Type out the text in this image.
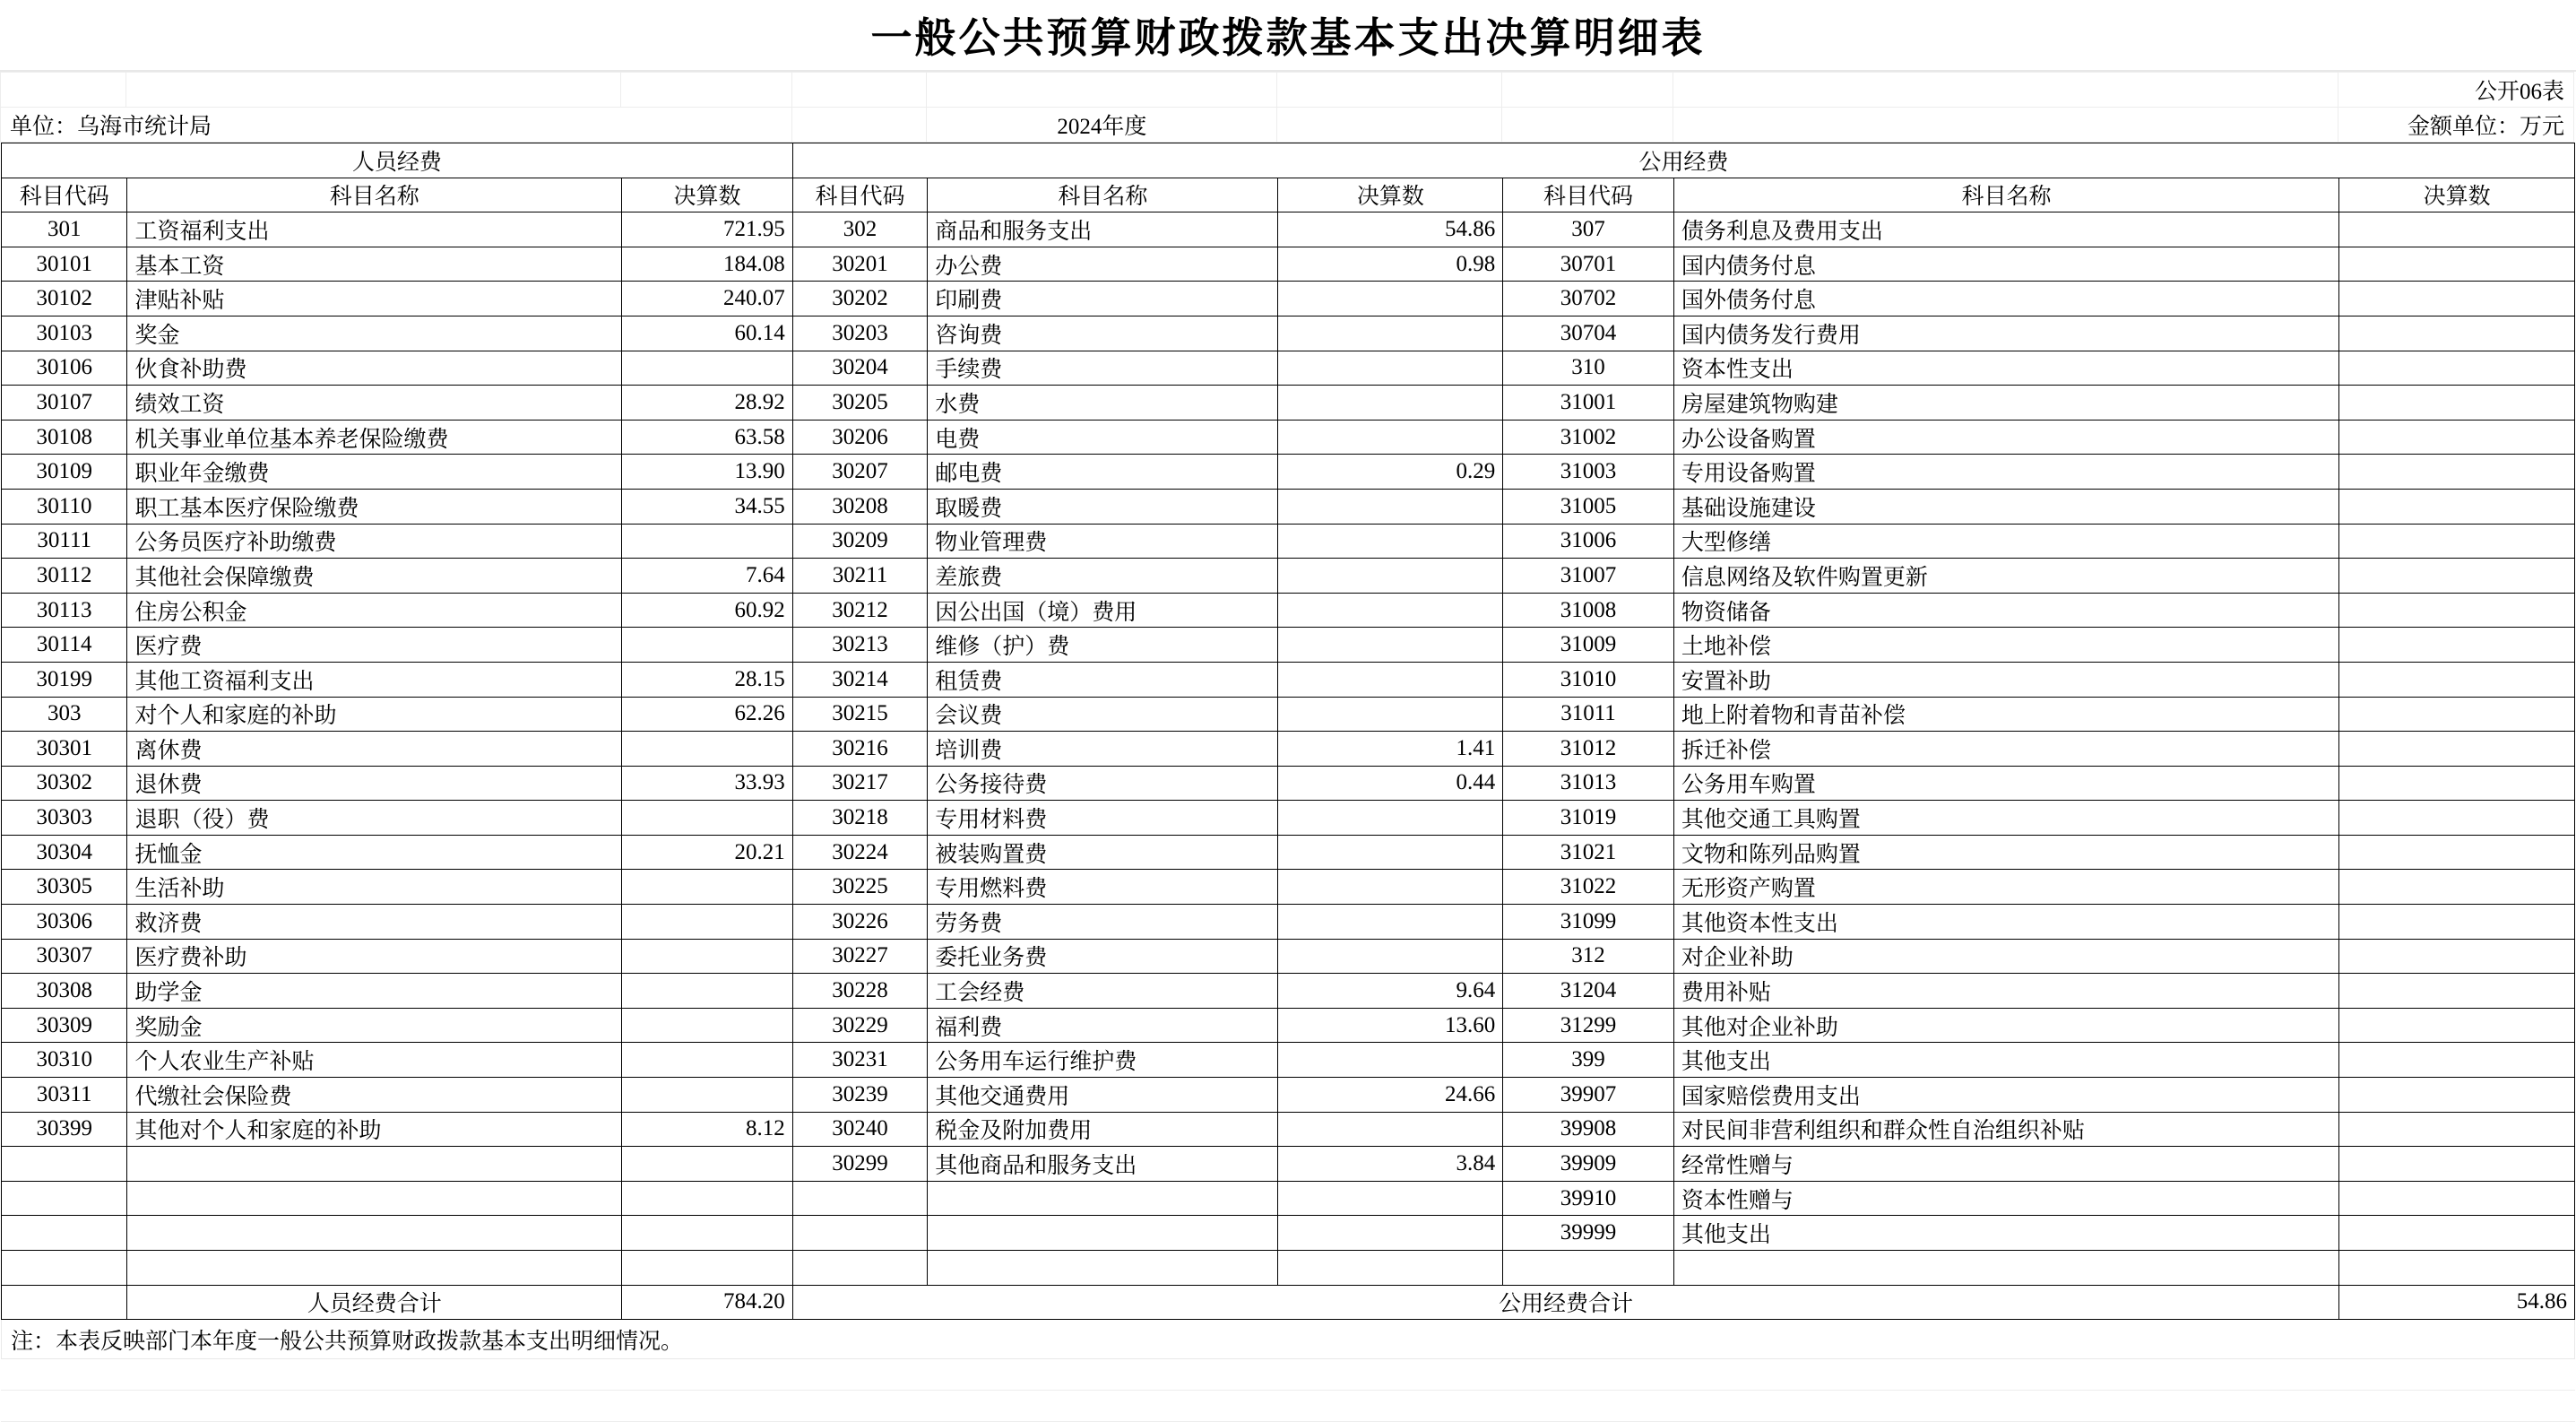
一般公共预算财政拨款基本支出决算明细表
								公开06表
单位：乌海市统计局				2024年度				金额单位：万元
人员经费			公用经费					
科目代码	科目名称	决算数	科目代码	科目名称	决算数	科目代码	科目名称	决算数
301	工资福利支出	721.95	302	商品和服务支出	54.86	307	债务利息及费用支出	
30101	基本工资	184.08	30201	办公费	0.98	30701	国内债务付息	
30102	津贴补贴	240.07	30202	印刷费		30702	国外债务付息	
30103	奖金	60.14	30203	咨询费		30704	国内债务发行费用	
30106	伙食补助费		30204	手续费		310	资本性支出	
30107	绩效工资	28.92	30205	水费		31001	房屋建筑物购建	
30108	机关事业单位基本养老保险缴费	63.58	30206	电费		31002	办公设备购置	
30109	职业年金缴费	13.90	30207	邮电费	0.29	31003	专用设备购置	
30110	职工基本医疗保险缴费	34.55	30208	取暖费		31005	基础设施建设	
30111	公务员医疗补助缴费		30209	物业管理费		31006	大型修缮	
30112	其他社会保障缴费	7.64	30211	差旅费		31007	信息网络及软件购置更新	
30113	住房公积金	60.92	30212	因公出国（境）费用		31008	物资储备	
30114	医疗费		30213	维修（护）费		31009	土地补偿	
30199	其他工资福利支出	28.15	30214	租赁费		31010	安置补助	
303	对个人和家庭的补助	62.26	30215	会议费		31011	地上附着物和青苗补偿	
30301	离休费		30216	培训费	1.41	31012	拆迁补偿	
30302	退休费	33.93	30217	公务接待费	0.44	31013	公务用车购置	
30303	退职（役）费		30218	专用材料费		31019	其他交通工具购置	
30304	抚恤金	20.21	30224	被装购置费		31021	文物和陈列品购置	
30305	生活补助		30225	专用燃料费		31022	无形资产购置	
30306	救济费		30226	劳务费		31099	其他资本性支出	
30307	医疗费补助		30227	委托业务费		312	对企业补助	
30308	助学金		30228	工会经费	9.64	31204	费用补贴	
30309	奖励金		30229	福利费	13.60	31299	其他对企业补助	
30310	个人农业生产补贴		30231	公务用车运行维护费		399	其他支出	
30311	代缴社会保险费		30239	其他交通费用	24.66	39907	国家赔偿费用支出	
30399	其他对个人和家庭的补助	8.12	30240	税金及附加费用		39908	对民间非营利组织和群众性自治组织补贴	
			30299	其他商品和服务支出	3.84	39909	经常性赠与	
						39910	资本性赠与	
						39999	其他支出	

	人员经费合计	784.20	公用经费合计					54.86
注：本表反映部门本年度一般公共预算财政拨款基本支出明细情况。
